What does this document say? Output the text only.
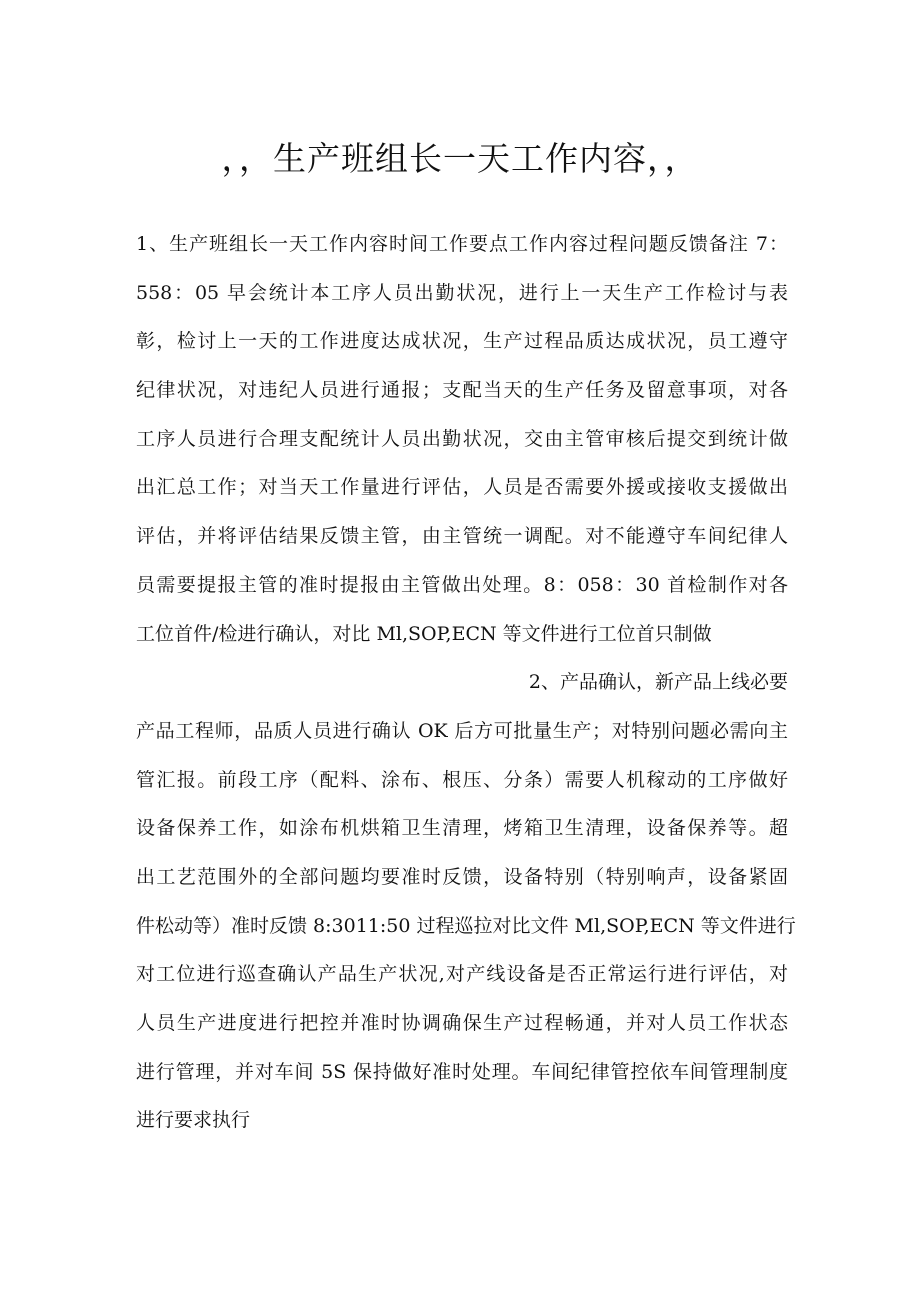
，，生产班组长一天工作内容，，
1、生产班组长一天工作内容时间工作要点工作内容过程问题反馈备注 7：
558：05 早会统计本工序人员出勤状况，进行上一天生产工作检讨与表
彰，检讨上一天的工作进度达成状况，生产过程品质达成状况，员工遵守
纪律状况，对违纪人员进行通报；支配当天的生产任务及留意事项，对各
工序人员进行合理支配统计人员出勤状况，交由主管审核后提交到统计做
出汇总工作；对当天工作量进行评估，人员是否需要外援或接收支援做出
评估，并将评估结果反馈主管，由主管统一调配。对不能遵守车间纪律人
员需要提报主管的准时提报由主管做出处理。8：058：30 首检制作对各
工位首件/检进行确认，对比 Ml,SOP,ECN 等文件进行工位首只制做
2、产品确认，新产品上线必要
产品工程师，品质人员进行确认 OK 后方可批量生产；对特别问题必需向主
管汇报。前段工序（配料、涂布、根压、分条）需要人机稼动的工序做好
设备保养工作，如涂布机烘箱卫生清理，烤箱卫生清理，设备保养等。超
出工艺范围外的全部问题均要准时反馈，设备特别（特别响声，设备紧固
件松动等）准时反馈 8:3011:50 过程巡拉对比文件 Ml,SOP,ECN 等文件进行
对工位进行巡查确认产品生产状况,对产线设备是否正常运行进行评估，对
人员生产进度进行把控并准时协调确保生产过程畅通，并对人员工作状态
进行管理，并对车间 5S 保持做好准时处理。车间纪律管控依车间管理制度
进行要求执行
